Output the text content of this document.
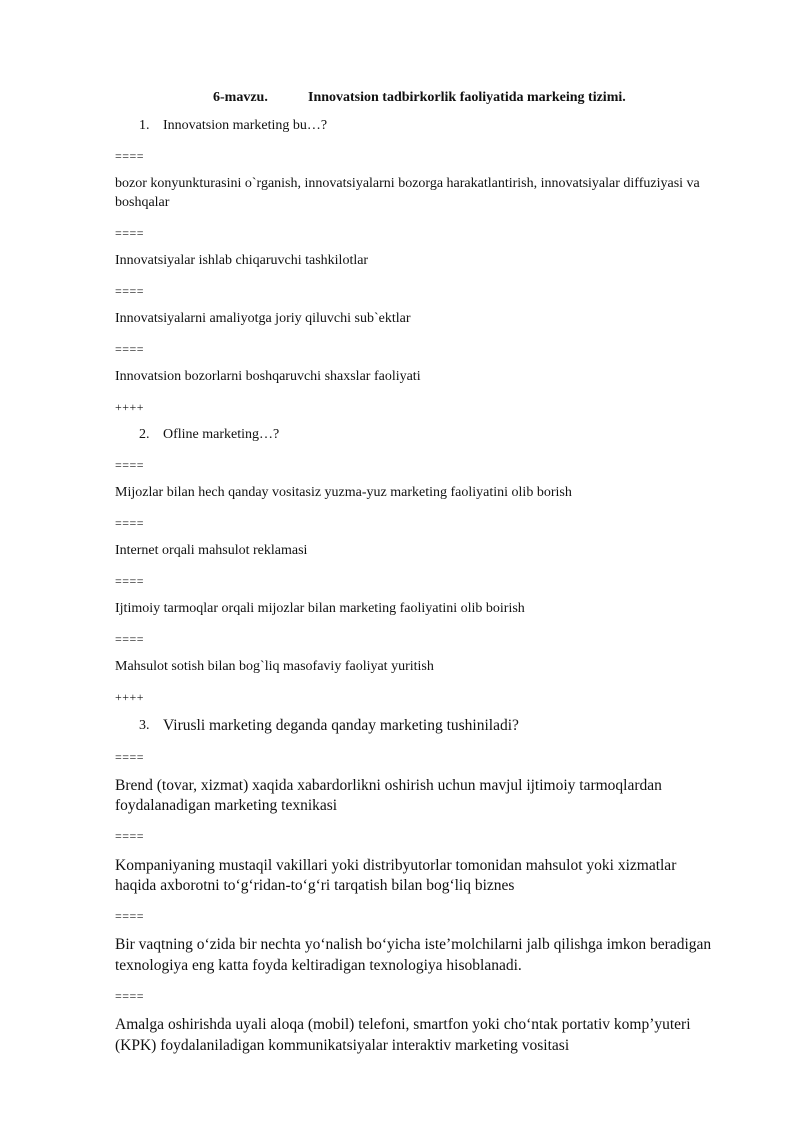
6-mavzu.	Innovatsion tadbirkorlik faoliyatida markeing tizimi.
1. Innovatsion marketing bu…?
====
bozor konyunkturasini o`rganish, innovatsiyalarni bozorga harakatlantirish, innovatsiyalar diffuziyasi va
boshqalar
====
Innovatsiyalar ishlab chiqaruvchi tashkilotlar
====
Innovatsiyalarni amaliyotga joriy qiluvchi sub`ektlar
====
Innovatsion bozorlarni boshqaruvchi shaxslar faoliyati
++++
2. Ofline marketing…?
====
Mijozlar bilan hech qanday vositasiz yuzma-yuz marketing faoliyatini olib borish
====
Internet orqali mahsulot reklamasi
====
Ijtimoiy tarmoqlar orqali mijozlar bilan marketing faoliyatini olib boirish
====
Mahsulot sotish bilan bog`liq masofaviy faoliyat yuritish
++++
3. Virusli marketing deganda qanday marketing tushiniladi?
====
Brend (tovar, xizmat) xaqida xabardorlikni oshirish uchun mavjul ijtimoiy tarmoqlardan
foydalanadigan marketing texnikasi
====
Kompaniyaning mustaqil vakillari yoki distribyutorlar tomonidan mahsulot yoki xizmatlar
haqida axborotni to‘g‘ridan-to‘g‘ri tarqatish bilan bog‘liq biznes
====
Bir vaqtning o‘zida bir nechta yo‘nalish bo‘yicha iste’molchilarni jalb qilishga imkon beradigan
texnologiya eng katta foyda keltiradigan texnologiya hisoblanadi.
====
Amalga oshirishda uyali aloqa (mobil) telefoni, smartfon yoki cho‘ntak portativ komp’yuteri
(KPK) foydalaniladigan kommunikatsiyalar interaktiv marketing vositasi
